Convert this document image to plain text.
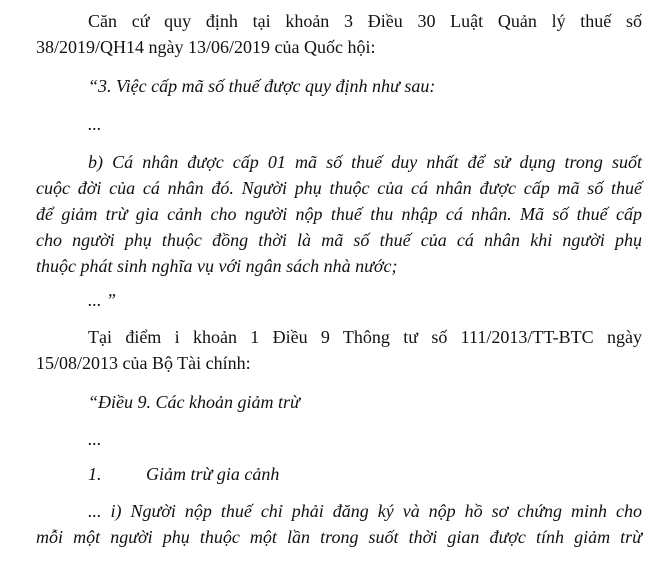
Căn cứ quy định tại khoản 3 Điều 30 Luật Quản lý thuế số
38/2019/QH14 ngày 13/06/2019 của Quốc hội:
“3. Việc cấp mã số thuế được quy định như sau:
...
b) Cá nhân được cấp 01 mã số thuế duy nhất để sử dụng trong suốt
cuộc đời của cá nhân đó. Người phụ thuộc của cá nhân được cấp mã số thuế
để giảm trừ gia cảnh cho người nộp thuế thu nhập cá nhân. Mã số thuế cấp
cho người phụ thuộc đồng thời là mã số thuế của cá nhân khi người phụ
thuộc phát sinh nghĩa vụ với ngân sách nhà nước;
... ”
Tại điểm i khoản 1 Điều 9 Thông tư số 111/2013/TT-BTC ngày
15/08/2013 của Bộ Tài chính:
“Điều 9. Các khoản giảm trừ
...
1. Giảm trừ gia cảnh
... i) Người nộp thuế chỉ phải đăng ký và nộp hồ sơ chứng minh cho
mỗi một người phụ thuộc một lần trong suốt thời gian được tính giảm trừ
